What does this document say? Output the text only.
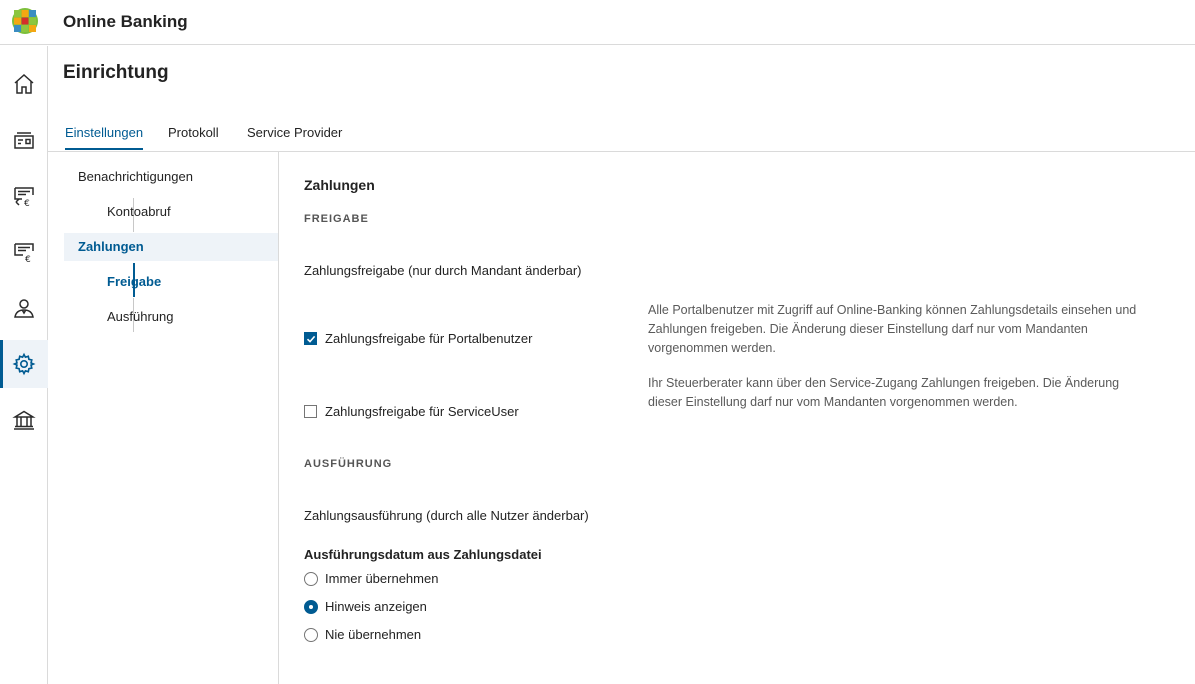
Online Banking
€
€
Einrichtung
Einstellungen Protokoll Service Provider
Benachrichtigungen
Kontoabruf
Zahlungen
Freigabe
Ausführung
Zahlungen
FREIGABE
Zahlungsfreigabe (nur durch Mandant änderbar)
Zahlungsfreigabe für Portalbenutzer
Alle Portalbenutzer mit Zugriff auf Online-Banking können Zahlungsdetails einsehen und Zahlungen freigeben. Die Änderung dieser Einstellung darf nur vom Mandanten vorgenommen werden.
Zahlungsfreigabe für ServiceUser
Ihr Steuerberater kann über den Service-Zugang Zahlungen freigeben. Die Änderung dieser Einstellung darf nur vom Mandanten vorgenommen werden.
AUSFÜHRUNG
Zahlungsausführung (durch alle Nutzer änderbar)
Ausführungsdatum aus Zahlungsdatei
Immer übernehmen
Hinweis anzeigen
Nie übernehmen
